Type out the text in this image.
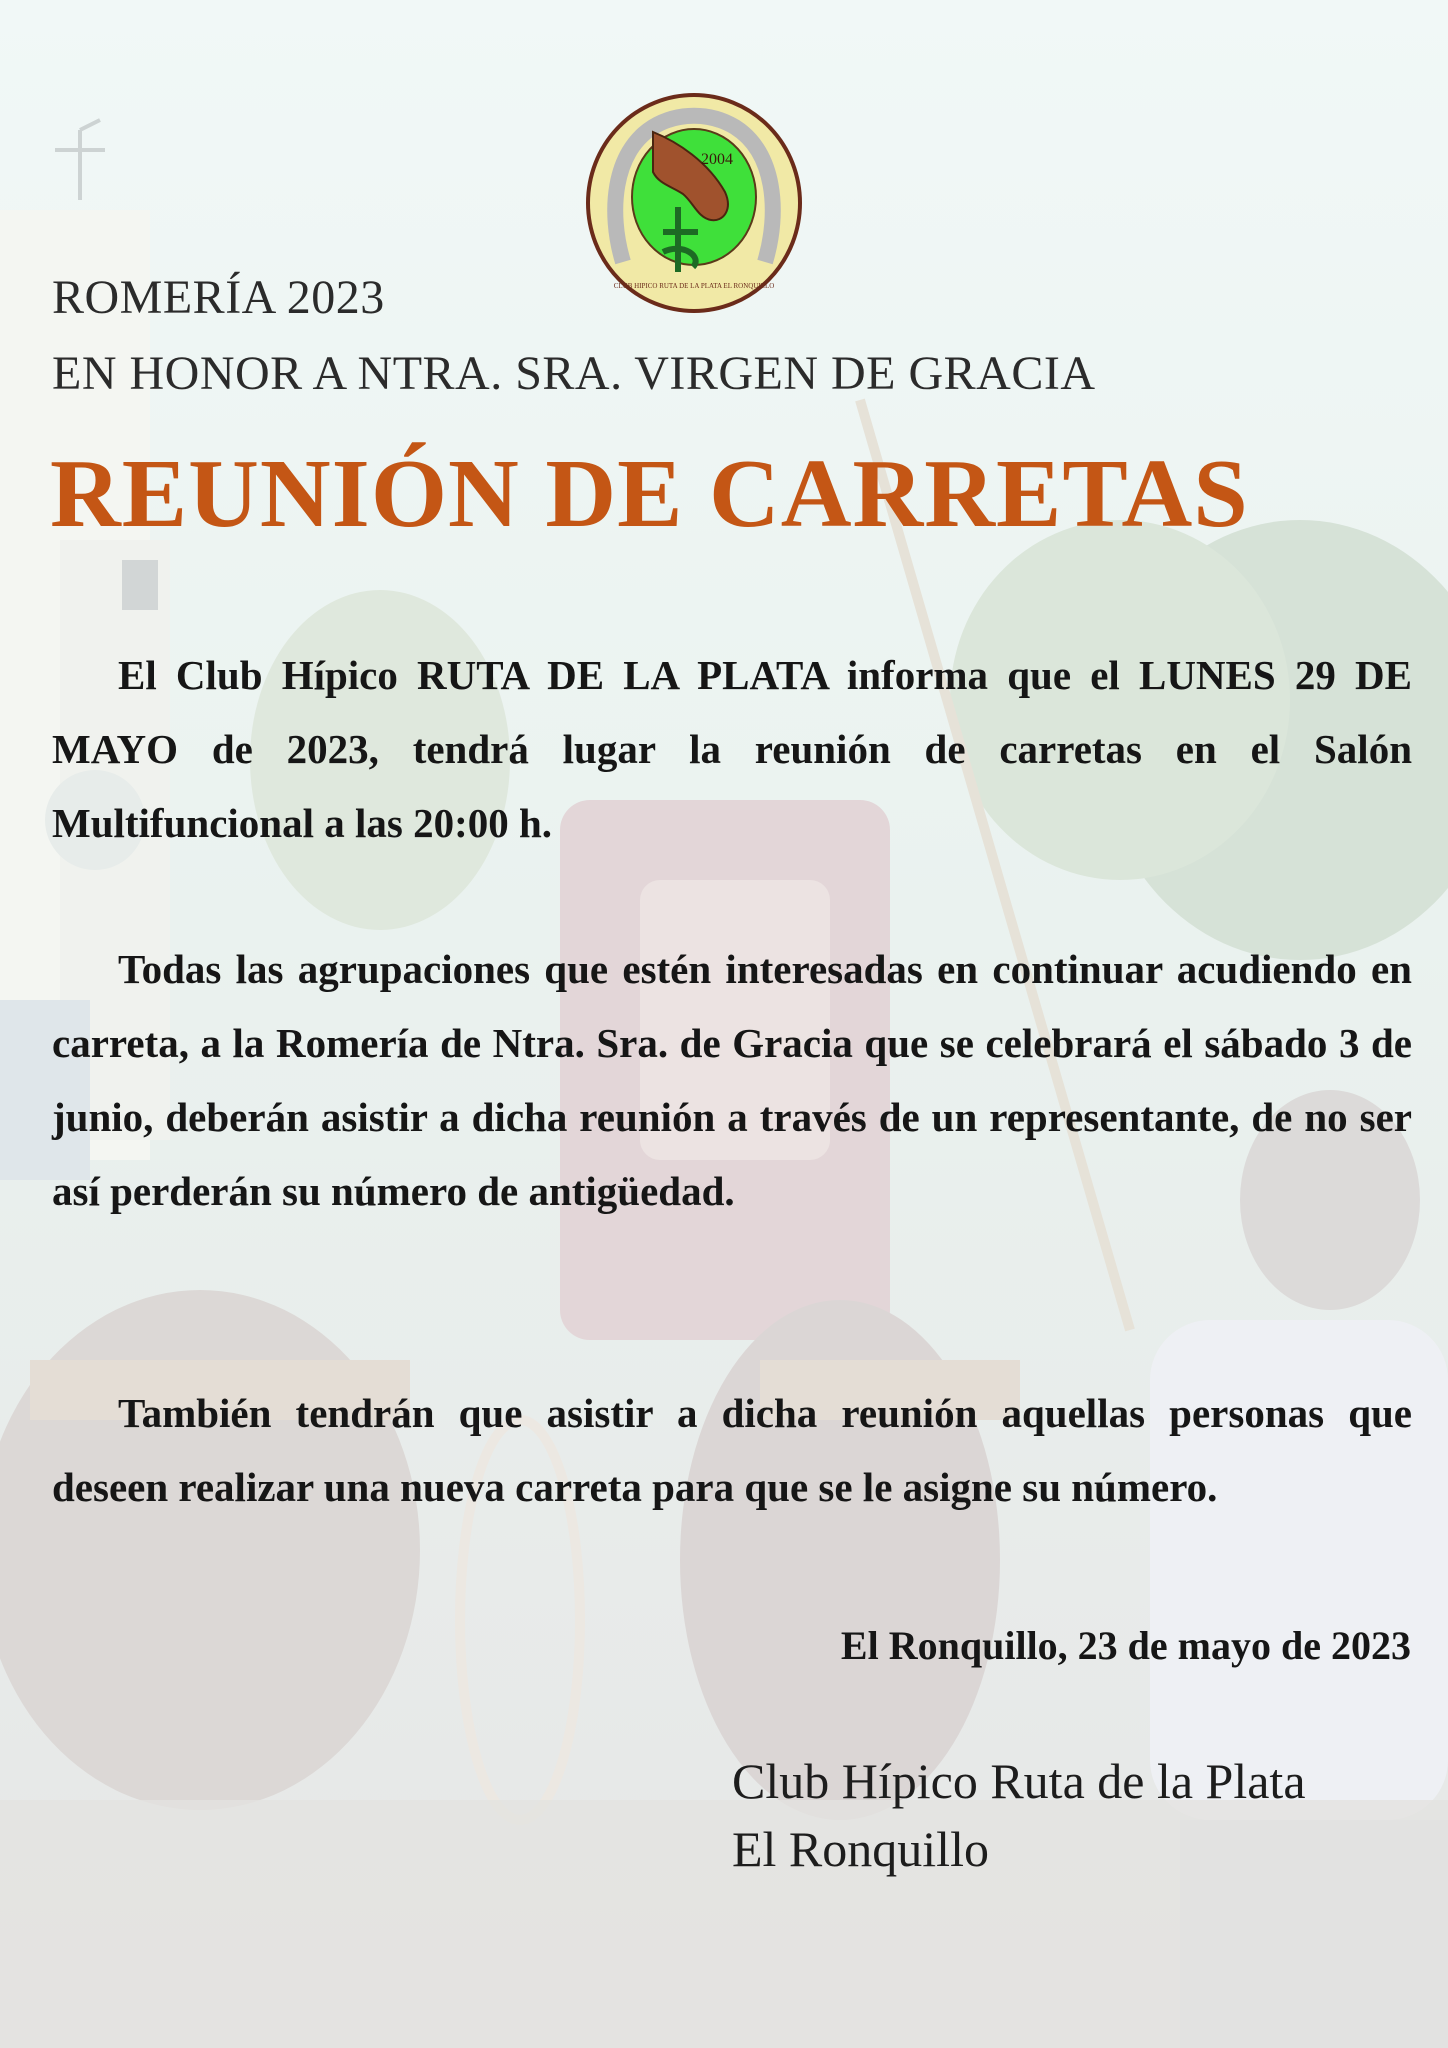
2004
CLUB HIPICO RUTA DE LA PLATA EL RONQUILLO
ROMERÍA 2023
EN HONOR A NTRA. SRA. VIRGEN DE GRACIA
REUNIÓN DE CARRETAS
El Club Hípico RUTA DE LA PLATA informa que el LUNES 29 DE MAYO de 2023, tendrá lugar la reunión de carretas en el Salón Multifuncional a las 20:00 h.
Todas las agrupaciones que estén interesadas en continuar acudiendo en carreta, a la Romería de Ntra. Sra. de Gracia que se celebrará el sábado 3 de junio, deberán asistir a dicha reunión a través de un representante, de no ser así perderán su número de antigüedad.
También tendrán que asistir a dicha reunión aquellas personas que deseen realizar una nueva carreta para que se le asigne su número.
El Ronquillo, 23 de mayo de 2023
Club Hípico Ruta de la Plata
El Ronquillo
